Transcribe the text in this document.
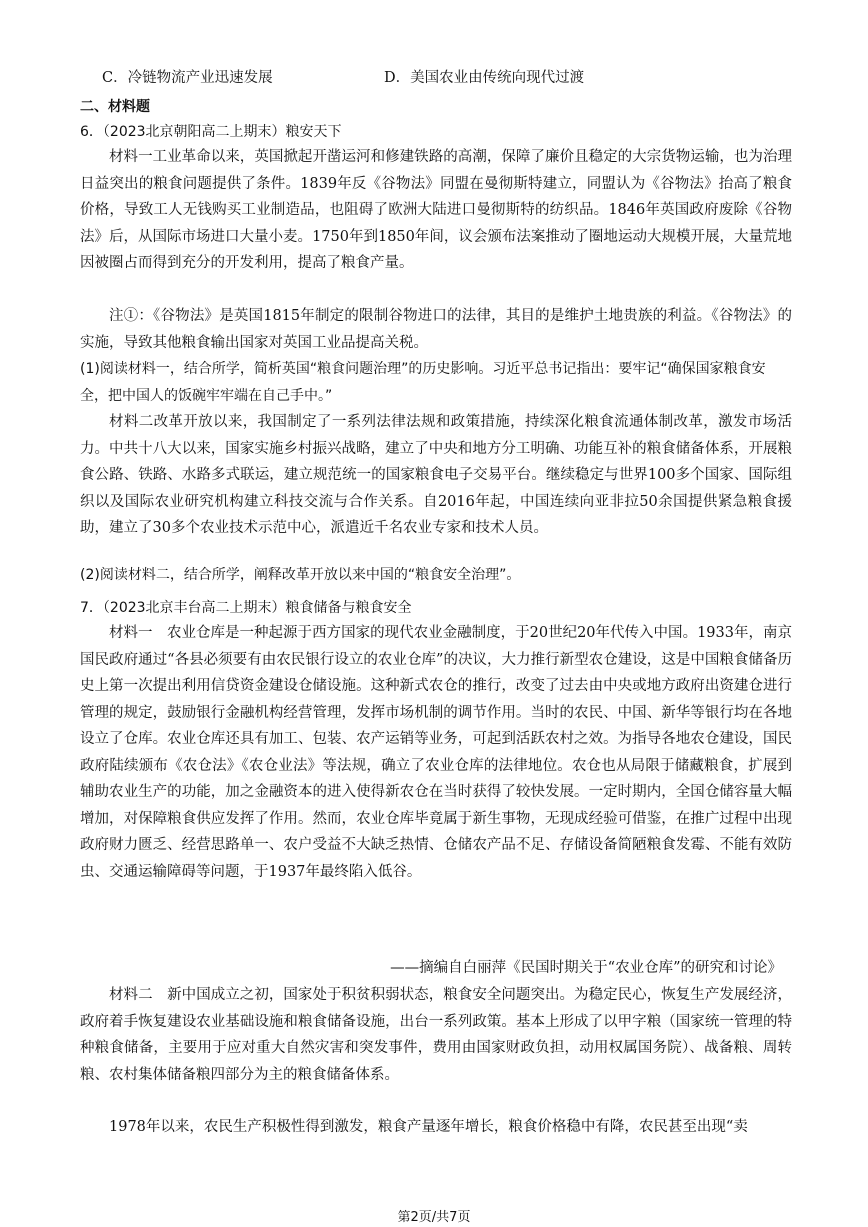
C．冷链物流产业迅速发展	D．美国农业由传统向现代过渡
二、材料题
6．（2023北京朝阳高二上期末）粮安天下

材料一工业革命以来，英国掀起开凿运河和修建铁路的高潮，保障了廉价且稳定的大宗货物运输，也为治理日益突出的粮食问题提供了条件。1839年反《谷物法》同盟在曼彻斯特建立，同盟认为《谷物法》抬高了粮食价格，导致工人无钱购买工业制造品，也阻碍了欧洲大陆进口曼彻斯特的纺织品。1846年英国政府废除《谷物法》后，从国际市场进口大量小麦。1750年到1850年间，议会颁布法案推动了圈地运动大规模开展，大量荒地因被圈占而得到充分的开发利用，提高了粮食产量。

注①：《谷物法》是英国1815年制定的限制谷物进口的法律，其目的是维护土地贵族的利益。《谷物法》的实施，导致其他粮食输出国家对英国工业品提高关税。

(1)阅读材料一，结合所学，简析英国“粮食问题治理”的历史影响。习近平总书记指出：要牢记“确保国家粮食安全，把中国人的饭碗牢牢端在自己手中。”

材料二改革开放以来，我国制定了一系列法律法规和政策措施，持续深化粮食流通体制改革，激发市场活力。中共十八大以来，国家实施乡村振兴战略，建立了中央和地方分工明确、功能互补的粮食储备体系，开展粮食公路、铁路、水路多式联运，建立规范统一的国家粮食电子交易平台。继续稳定与世界100多个国家、国际组织以及国际农业研究机构建立科技交流与合作关系。自2016年起，中国连续向亚非拉50余国提供紧急粮食援助，建立了30多个农业技术示范中心，派遣近千名农业专家和技术人员。

(2)阅读材料二，结合所学，阐释改革开放以来中国的“粮食安全治理”。

7．（2023北京丰台高二上期末）粮食储备与粮食安全

材料一　农业仓库是一种起源于西方国家的现代农业金融制度，于20世纪20年代传入中国。1933年，南京国民政府通过“各县必须要有由农民银行设立的农业仓库”的决议，大力推行新型农仓建设，这是中国粮食储备历史上第一次提出利用信贷资金建设仓储设施。这种新式农仓的推行，改变了过去由中央或地方政府出资建仓进行管理的规定，鼓励银行金融机构经营管理，发挥市场机制的调节作用。当时的农民、中国、新华等银行均在各地设立了仓库。农业仓库还具有加工、包装、农产运销等业务，可起到活跃农村之效。为指导各地农仓建设，国民政府陆续颁布《农仓法》《农仓业法》等法规，确立了农业仓库的法律地位。农仓也从局限于储藏粮食，扩展到辅助农业生产的功能，加之金融资本的进入使得新农仓在当时获得了较快发展。一定时期内，全国仓储容量大幅增加，对保障粮食供应发挥了作用。然而，农业仓库毕竟属于新生事物，无现成经验可借鉴，在推广过程中出现政府财力匮乏、经营思路单一、农户受益不大缺乏热情、仓储农产品不足、存储设备简陋粮食发霉、不能有效防虫、交通运输障碍等问题，于1937年最终陷入低谷。

——摘编自白丽萍《民国时期关于“农业仓库”的研究和讨论》

材料二　新中国成立之初，国家处于积贫积弱状态，粮食安全问题突出。为稳定民心，恢复生产发展经济，政府着手恢复建设农业基础设施和粮食储备设施，出台一系列政策。基本上形成了以甲字粮（国家统一管理的特种粮食储备，主要用于应对重大自然灾害和突发事件，费用由国家财政负担，动用权属国务院）、战备粮、周转粮、农村集体储备粮四部分为主的粮食储备体系。

1978年以来，农民生产积极性得到激发，粮食产量逐年增长，粮食价格稳中有降，农民甚至出现“卖

第2页/共7页
